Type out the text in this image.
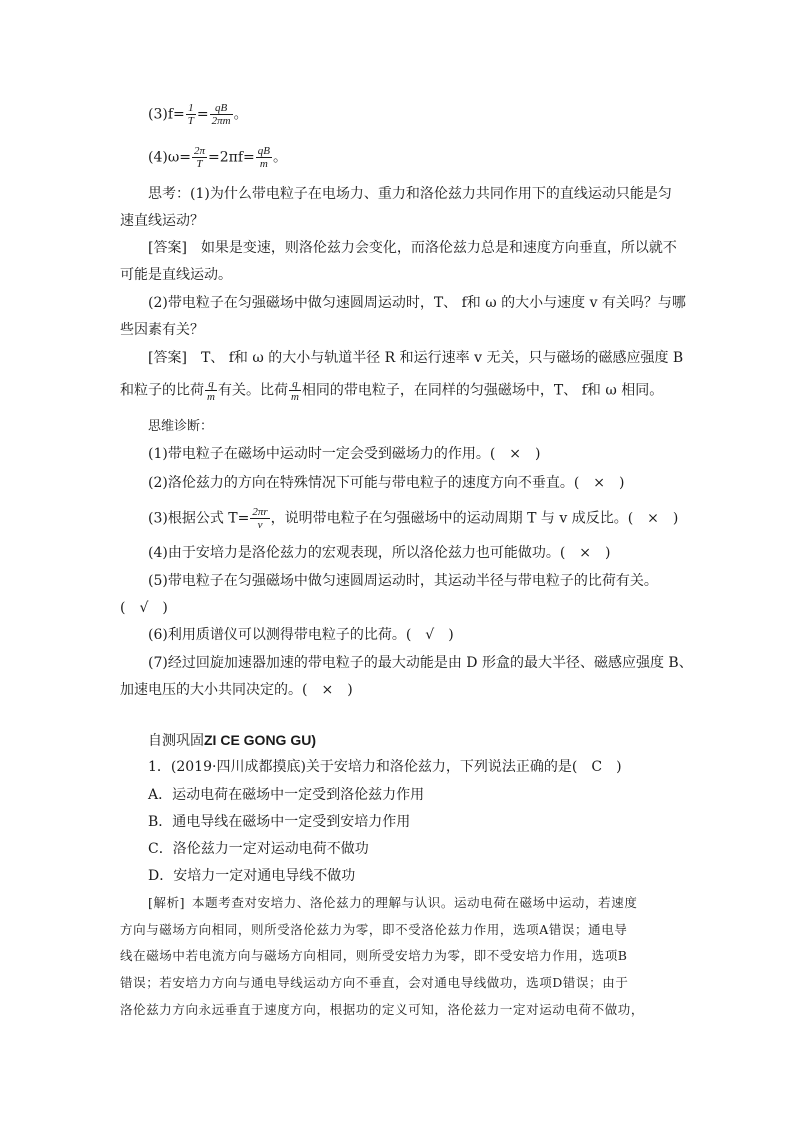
$(3)f= \frac{1}{T} = \frac{qB}{2\pi m}$ 。
$(4)\omega= \frac{2\pi}{T} =2\pi f= \frac{qB}{m}$ 。
思考：(1)为什么带电粒子在电场力、重力和洛伦兹力共同作用下的直线运动只能是匀
速直线运动？
[答案]  如果是变速，则洛伦兹力会变化，而洛伦兹力总是和速度方向垂直，所以就不
可能是直线运动。
(2)带电粒子在匀强磁场中做匀速圆周运动时，T、 f和 ω 的大小与速度 v 有关吗？与哪
些因素有关？
[答案]  T、 f和 ω 的大小与轨道半径 R 和运行速率 v 无关，只与磁场的磁感应强度 B
和粒子的比荷 $\frac{q}{m}$ 有关。比荷 $\frac{q}{m}$ 相同的带电粒子，在同样的匀强磁场中，T、 f和 ω 相同。
思维诊断：
(1)带电粒子在磁场中运动时一定会受到磁场力的作用。(　×　)
(2)洛伦兹力的方向在特殊情况下可能与带电粒子的速度方向不垂直。(　×　)
(3)根据公式 $T= \frac{2\pi r}{v}$ ，说明带电粒子在匀强磁场中的运动周期 T 与 v 成反比。(　×　)
(4)由于安培力是洛伦兹力的宏观表现，所以洛伦兹力也可能做功。(　×　)
(5)带电粒子在匀强磁场中做匀速圆周运动时，其运动半径与带电粒子的比荷有关。
(　√　)
(6)利用质谱仪可以测得带电粒子的比荷。(　√　)
(7)经过回旋加速器加速的带电粒子的最大动能是由 D 形盒的最大半径、磁感应强度 B、
加速电压的大小共同决定的。(　×　)
自测巩固ZI CE GONG GU)
1．(2019·四川成都摸底)关于安培力和洛伦兹力，下列说法正确的是(　C　)
A．运动电荷在磁场中一定受到洛伦兹力作用
B．通电导线在磁场中一定受到安培力作用
C．洛伦兹力一定对运动电荷不做功
D．安培力一定对通电导线不做功
[解析]  本题考查对安培力、洛伦兹力的理解与认识。运动电荷在磁场中运动，若速度
方向与磁场方向相同，则所受洛伦兹力为零，即不受洛伦兹力作用，选项A错误；通电导
线在磁场中若电流方向与磁场方向相同，则所受安培力为零，即不受安培力作用，选项B
错误；若安培力方向与通电导线运动方向不垂直，会对通电导线做功，选项D错误；由于
洛伦兹力方向永远垂直于速度方向，根据功的定义可知，洛伦兹力一定对运动电荷不做功，
